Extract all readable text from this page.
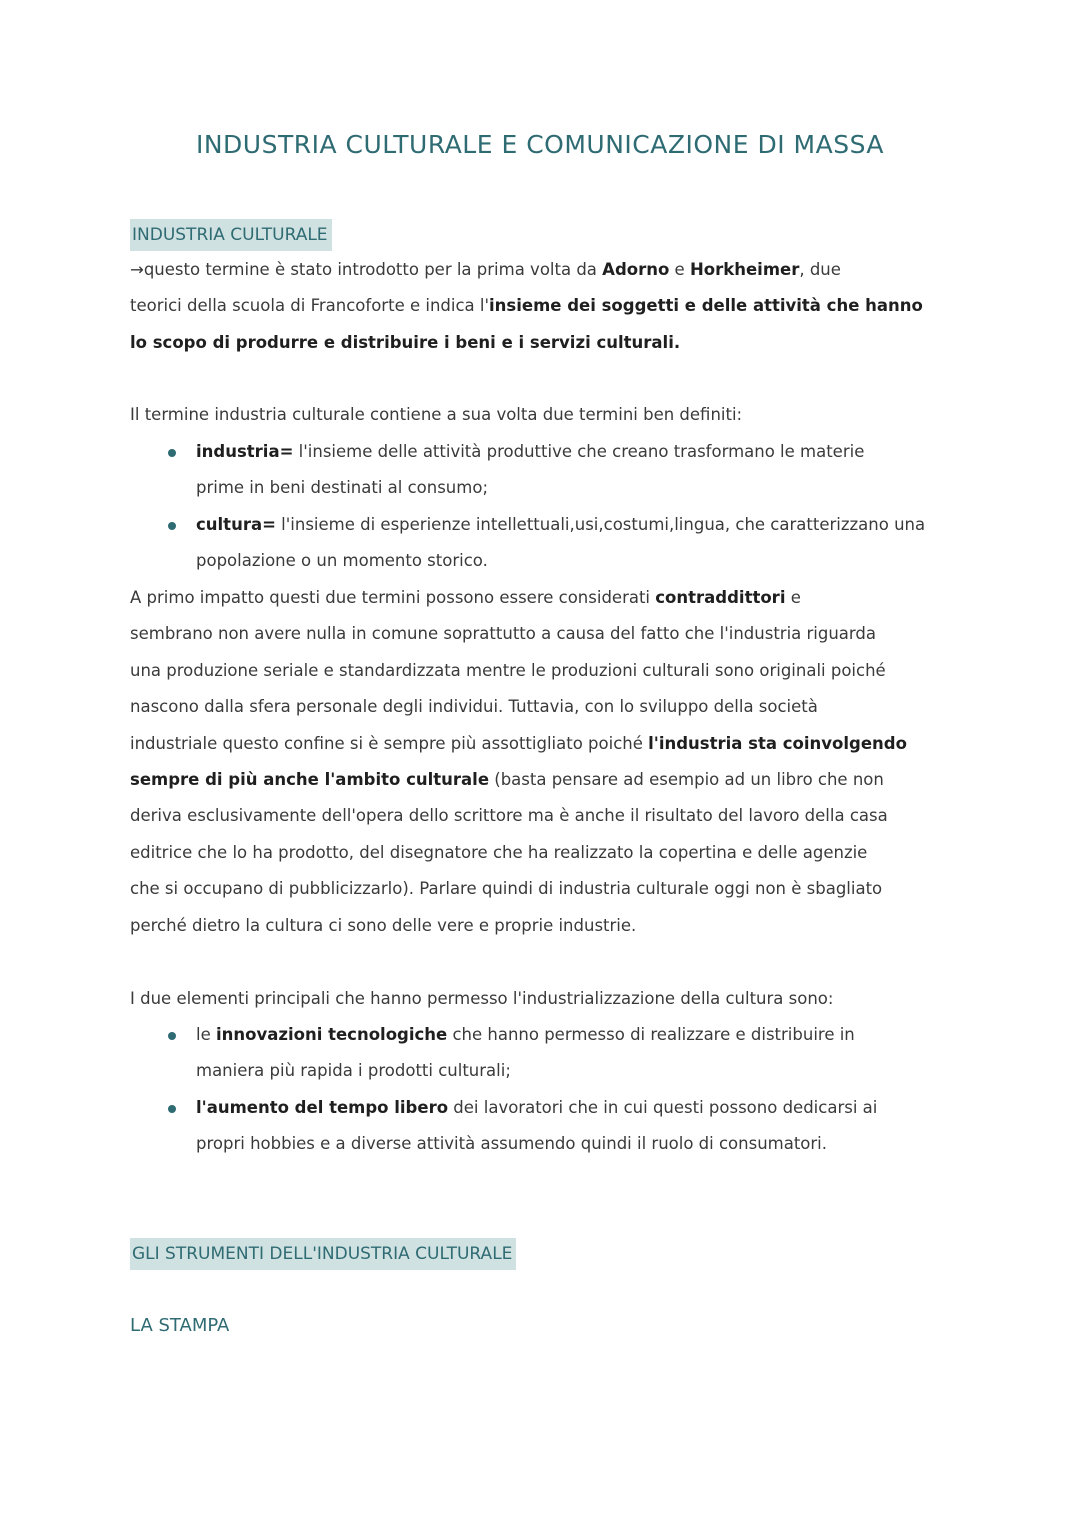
INDUSTRIA CULTURALE E COMUNICAZIONE DI MASSA
INDUSTRIA CULTURALE

→questo termine è stato introdotto per la prima volta da Adorno e Horkheimer, due
teorici della scuola di Francoforte e indica l'insieme dei soggetti e delle attività che hanno
lo scopo di produrre e distribuire i beni e i servizi culturali.

Il termine industria culturale contiene a sua volta due termini ben definiti:

industria= l'insieme delle attività produttive che creano trasformano le materie
prime in beni destinati al consumo;
cultura= l'insieme di esperienze intellettuali,usi,costumi,lingua, che caratterizzano una
popolazione o un momento storico.

A primo impatto questi due termini possono essere considerati contraddittori e
sembrano non avere nulla in comune soprattutto a causa del fatto che l'industria riguarda
una produzione seriale e standardizzata mentre le produzioni culturali sono originali poiché
nascono dalla sfera personale degli individui. Tuttavia, con lo sviluppo della società
industriale questo confine si è sempre più assottigliato poiché l'industria sta coinvolgendo
sempre di più anche l'ambito culturale (basta pensare ad esempio ad un libro che non
deriva esclusivamente dell'opera dello scrittore ma è anche il risultato del lavoro della casa
editrice che lo ha prodotto, del disegnatore che ha realizzato la copertina e delle agenzie
che si occupano di pubblicizzarlo). Parlare quindi di industria culturale oggi non è sbagliato
perché dietro la cultura ci sono delle vere e proprie industrie.

I due elementi principali che hanno permesso l'industrializzazione della cultura sono:

le innovazioni tecnologiche che hanno permesso di realizzare e distribuire in
maniera più rapida i prodotti culturali;
l'aumento del tempo libero dei lavoratori che in cui questi possono dedicarsi ai
propri hobbies e a diverse attività assumendo quindi il ruolo di consumatori.
GLI STRUMENTI DELL'INDUSTRIA CULTURALE
LA STAMPA
